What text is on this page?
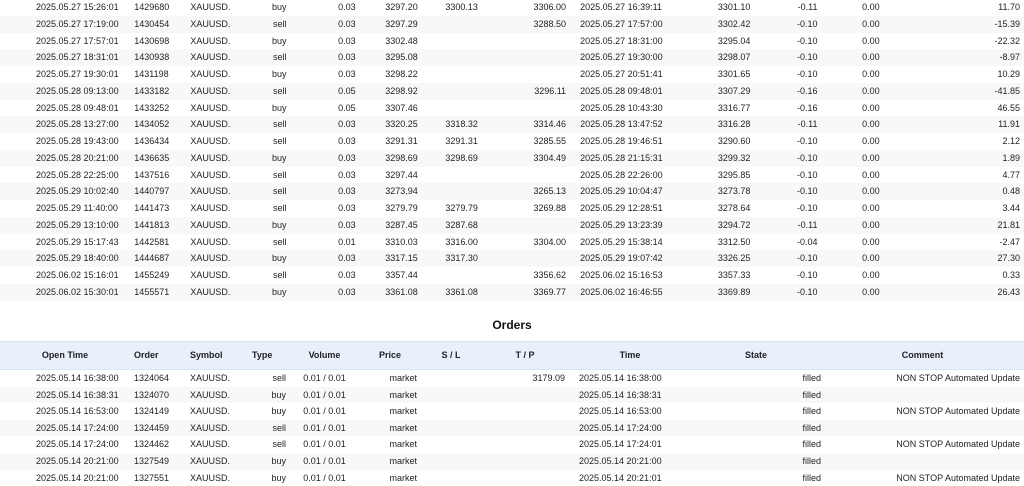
2025.05.27 15:26:01	1429680	XAUUSD.	buy	0.03	3297.20	3300.13	3306.00	2025.05.27 16:39:11	3301.10	-0.11	0.00	11.70
2025.05.27 17:19:00	1430454	XAUUSD.	sell	0.03	3297.29		3288.50	2025.05.27 17:57:00	3302.42	-0.10	0.00	-15.39
2025.05.27 17:57:01	1430698	XAUUSD.	buy	0.03	3302.48			2025.05.27 18:31:00	3295.04	-0.10	0.00	-22.32
2025.05.27 18:31:01	1430938	XAUUSD.	sell	0.03	3295.08			2025.05.27 19:30:00	3298.07	-0.10	0.00	-8.97
2025.05.27 19:30:01	1431198	XAUUSD.	buy	0.03	3298.22			2025.05.27 20:51:41	3301.65	-0.10	0.00	10.29
2025.05.28 09:13:00	1433182	XAUUSD.	sell	0.05	3298.92		3296.11	2025.05.28 09:48:01	3307.29	-0.16	0.00	-41.85
2025.05.28 09:48:01	1433252	XAUUSD.	buy	0.05	3307.46			2025.05.28 10:43:30	3316.77	-0.16	0.00	46.55
2025.05.28 13:27:00	1434052	XAUUSD.	sell	0.03	3320.25	3318.32	3314.46	2025.05.28 13:47:52	3316.28	-0.11	0.00	11.91
2025.05.28 19:43:00	1436434	XAUUSD.	sell	0.03	3291.31	3291.31	3285.55	2025.05.28 19:46:51	3290.60	-0.10	0.00	2.12
2025.05.28 20:21:00	1436635	XAUUSD.	buy	0.03	3298.69	3298.69	3304.49	2025.05.28 21:15:31	3299.32	-0.10	0.00	1.89
2025.05.28 22:25:00	1437516	XAUUSD.	sell	0.03	3297.44			2025.05.28 22:26:00	3295.85	-0.10	0.00	4.77
2025.05.29 10:02:40	1440797	XAUUSD.	sell	0.03	3273.94		3265.13	2025.05.29 10:04:47	3273.78	-0.10	0.00	0.48
2025.05.29 11:40:00	1441473	XAUUSD.	sell	0.03	3279.79	3279.79	3269.88	2025.05.29 12:28:51	3278.64	-0.10	0.00	3.44
2025.05.29 13:10:00	1441813	XAUUSD.	buy	0.03	3287.45	3287.68		2025.05.29 13:23:39	3294.72	-0.11	0.00	21.81
2025.05.29 15:17:43	1442581	XAUUSD.	sell	0.01	3310.03	3316.00	3304.00	2025.05.29 15:38:14	3312.50	-0.04	0.00	-2.47
2025.05.29 18:40:00	1444687	XAUUSD.	buy	0.03	3317.15	3317.30		2025.05.29 19:07:42	3326.25	-0.10	0.00	27.30
2025.06.02 15:16:01	1455249	XAUUSD.	sell	0.03	3357.44		3356.62	2025.06.02 15:16:53	3357.33	-0.10	0.00	0.33
2025.06.02 15:30:01	1455571	XAUUSD.	buy	0.03	3361.08	3361.08	3369.77	2025.06.02 16:46:55	3369.89	-0.10	0.00	26.43
Orders
Open Time	Order	Symbol	Type	Volume	Price	S / L	T / P	Time	State	Comment
2025.05.14 16:38:00	1324064	XAUUSD.	sell	0.01 / 0.01	market		3179.09	2025.05.14 16:38:00	filled	NON STOP Automated Update
2025.05.14 16:38:31	1324070	XAUUSD.	buy	0.01 / 0.01	market			2025.05.14 16:38:31	filled	
2025.05.14 16:53:00	1324149	XAUUSD.	buy	0.01 / 0.01	market			2025.05.14 16:53:00	filled	NON STOP Automated Update
2025.05.14 17:24:00	1324459	XAUUSD.	sell	0.01 / 0.01	market			2025.05.14 17:24:00	filled	
2025.05.14 17:24:00	1324462	XAUUSD.	sell	0.01 / 0.01	market			2025.05.14 17:24:01	filled	NON STOP Automated Update
2025.05.14 20:21:00	1327549	XAUUSD.	buy	0.01 / 0.01	market			2025.05.14 20:21:00	filled	
2025.05.14 20:21:00	1327551	XAUUSD.	buy	0.01 / 0.01	market			2025.05.14 20:21:01	filled	NON STOP Automated Update
